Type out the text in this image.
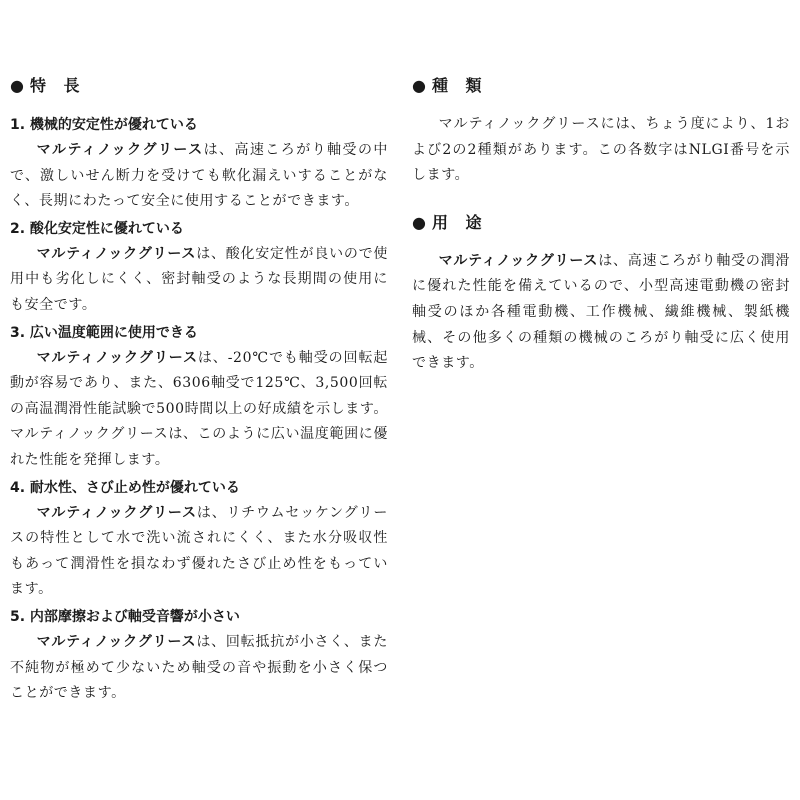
●特 長

1. 機械的安定性が優れている

マルティノックグリースは、高速ころがり軸受の中で、激しいせん断力を受けても軟化漏えいすることがなく、長期にわたって安全に使用することができます。

2. 酸化安定性に優れている

マルティノックグリースは、酸化安定性が良いので使用中も劣化しにくく、密封軸受のような長期間の使用にも安全です。

3. 広い温度範囲に使用できる

マルティノックグリースは、-20℃でも軸受の回転起動が容易であり、また、6306軸受で125℃、3,500回転の高温潤滑性能試験で500時間以上の好成績を示します。マルティノックグリースは、このように広い温度範囲に優れた性能を発揮します。

4. 耐水性、さび止め性が優れている

マルティノックグリースは、リチウムセッケングリースの特性として水で洗い流されにくく、また水分吸収性もあって潤滑性を損なわず優れたさび止め性をもっています。

5. 内部摩擦および軸受音響が小さい

マルティノックグリースは、回転抵抗が小さく、また不純物が極めて少ないため軸受の音や振動を小さく保つことができます。

●種 類

マルティノックグリースには、ちょう度により、1および2の2種類があります。この各数字はNLGI番号を示します。

●用 途

マルティノックグリースは、高速ころがり軸受の潤滑に優れた性能を備えているので、小型高速電動機の密封軸受のほか各種電動機、工作機械、繊維機械、製紙機械、その他多くの種類の機械のころがり軸受に広く使用できます。
